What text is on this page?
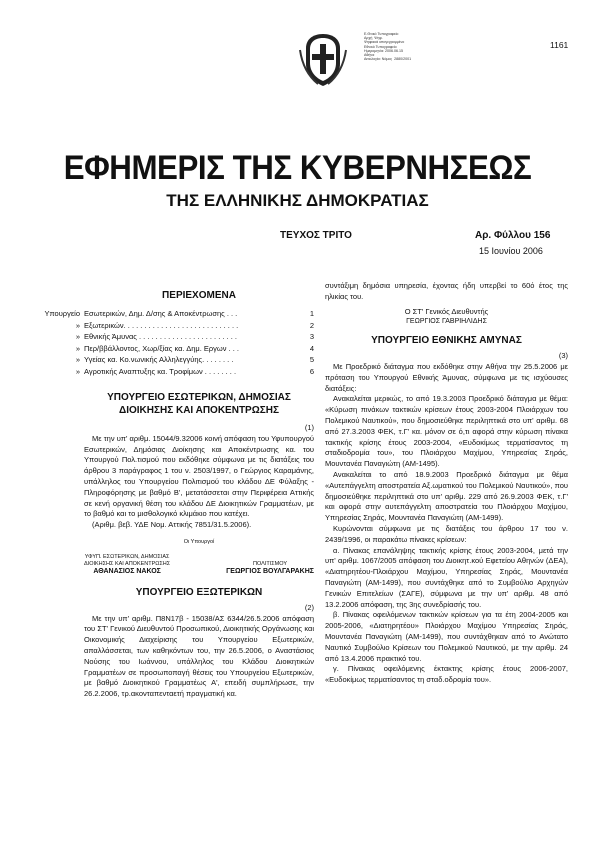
Ε.Θνικό Τυπογραφείο
Αρχή  Ψηφ.
Ψηφιακά υπογεγραμμένο
Εθνικό Τυπογραφείο
Ημερομηνία: 2006.06.15
Αθήνα
Αιτιολογία: Νόμος  2880/2001
1161
ΕΦΗΜΕΡΙΣ ΤΗΣ ΚΥΒΕΡΝΗΣΕΩΣ
ΤΗΣ ΕΛΛΗΝΙΚΗΣ ΔΗΜΟΚΡΑΤΙΑΣ
ΤΕΥΧΟΣ ΤΡΙΤΟ	Αρ. Φύλλου 156
15 Ιουνίου 2006
ΠΕΡΙΕΧΟΜΕΝΑ
Υπουργείο Εσωτερικών, Δημ. Δ/σης & Αποκέντρωσης . . .	1
» Εξωτερικών. . . . . . . . . . . . . . . . . . . . . . . . . . . .	2
» Εθνικής Άμυνας . . . . . . . . . . . . . . . . . . . . . . . .	3
» Περ/ββάλλοντος, Χωρ/ξίας κα. Δημ. Εργων . . .	4
» Υγείας κα. Κο.νωνικής Αλληλεγγύης. . . . . . . .	5
» Αγροτικής Αναπτυξης κα. Τροφίμων . . . . . . . .	6
ΥΠΟΥΡΓΕΙΟ ΕΣΩΤΕΡΙΚΩΝ, ΔΗΜΟΣΙΑΣ ΔΙΟΙΚΗΣΗΣ ΚΑΙ ΑΠΟΚΕΝΤΡΩΣΗΣ
(1)
Με την υπ' αριθμ. 15044/9.32006 κοινή απόφαση του Υφυπουργού Εσωτερικών, Δημόσιας Διοίκησης και Αποκέντρωσης κα. του Υπουργού Πολ.τισμού που εκδόθηκε σύμφωνα με τις διατάξεις του άρθρου 3 παράγραφος 1 του ν. 2503/1997, ο Γεώργιος Καραμάνης, υπάλληλος του Υπουργείου Πολιτισμού του κλάδου ΔΕ Φύλαξης - Πληροφόρησης με βαθμό Β', μετατάσσεται στην Περιφέρεια Αττικής σε κενή οργανική θέση του κλάδου ΔΕ Διοικητικών Γραμματέων, με το βαθμό και το μισθολογικό κλιμάκιο που κατέχει.
(Αριθμ. βεβ. ΥΔΕ Νομ. Αττικής 7851/31.5.2006).
Οι Υπουργοί
ΥΦΥΠ. ΕΣΩΤΕΡΙΚΩΝ, ΔΗΜΟΣΙΑΣ
ΔΙΟΙΚΗΣΗΣ ΚΑΙ ΑΠΟΚΕΝΤΡΩΣΗΣ
ΑΘΑΝΑΣΙΟΣ ΝΑΚΟΣ

ΠΟΛΙΤΙΣΜΟΥ
ΓΕΩΡΓΙΟΣ ΒΟΥΛΓΑΡΑΚΗΣ
ΥΠΟΥΡΓΕΙΟ ΕΞΩΤΕΡΙΚΩΝ
(2)
Με την υπ' αριθμ. Π8Ν17β - 15038/ΑΣ 6344/26.5.2006 απόφαση του ΣΤ' Γενικού Διευθυντού Προσωπικού, Διοικητικής Οργάνωσης και Οικονομικής Διαχείρισης του Υπουργείου Εξωτερικών, απαλλάσσεται, των καθηκόντων του, την 26.5.2006, ο Αναστάσιος Νούσης του Ιωάννου, υπάλληλος του Κλάδου Διοικητικών Γραμματέων σε προσωποπαγή θέσεις του Υπουργείου Εξωτερικών, με βαθμό Διοικητικού Γραμματέως Α', επειδή συμπλήρωσε, την 26.2.2006, τρ.ακονταπενταετή πραγματική κα.
συντάξιμη δημόσια υπηρεσία, έχοντας ήδη υπερβεί το 60ό έτος της ηλικίας του.
Ο ΣΤ' Γενικός Διευθυντής
ΓΕΩΡΓΙΟΣ ΓΑΒΡΙΗΛΙΔΗΣ
ΥΠΟΥΡΓΕΙΟ ΕΘΝΙΚΗΣ ΑΜΥΝΑΣ
(3)
Με Προεδρικό διάταγμα που εκδόθηκε στην Αθήνα την 25.5.2006 με πρόταση του Υπουργού Εθνικής Άμυνας, σύμφωνα με τις ισχύουσες διατάξεις:
Ανακαλείται μερικώς, το από 19.3.2003 Προεδρικό διάταγμα με θέμα: «Κύρωση πινάκων τακτικών κρίσεων έτους 2003-2004 Πλοιάρχων του Πολεμικού Ναυτικού», που δημοσιεύθηκε περιληπτικά στο υπ' αριθμ. 68 από 27.3.2003 ΦΕΚ, τ.Γ' κα. μόνον σε ό,τι αφορά στην κύρωση πίνακα τακτικής κρίσης έτους 2003-2004, «Ευδοκίμως τερματίσαντος τη σταδιοδρομία του», του Πλοιάρχου Μαχίμου, Υπηρεσίας Σηράς, Μουντανέα Παναγιώτη (ΑΜ-1495).
Ανακαλείται το από 18.9.2003 Προεδρικό διάταγμα με θέμα «Αυτεπάγγελτη αποστρατεία Αξ.ωματικού του Πολεμικού Ναυτικού», που δημοσιεύθηκε περιληπτικά στο υπ' αριθμ. 229 από 26.9.2003 ΦΕΚ, τ.Γ' και αφορά στην αυτεπάγγελτη αποστρατεία του Πλοιάρχου Μαχίμου, Υπηρεσίας Σηράς, Μουντανέα Παναγιώτη (ΑΜ-1499).
Κυρώνονται σύμφωνα με τις διατάξεις του άρθρου 17 του ν. 2439/1996, οι παρακάτω πίνακες κρίσεων:
α. Πίνακας επανάληψης τακτικής κρίσης έτους 2003-2004, μετά την υπ' αριθμ. 1067/2005 απόφαση του Διοικητ.κού Εφετείου Αθηνών (ΔΕΑ), «Διατηρητέου-Πλοιάρχου Μαχίμου, Υπηρεσίας Σηράς, Μουντανέα Παναγιώτη (ΑΜ-1499), που συντάχθηκε από το Συμβούλιο Αρχηγών Γενικών Επιτελείων (ΣΑΓΕ), σύμφωνα με την υπ' αριθμ. 48 από 13.2.2006 απόφαση, της 3ης συνεδρίασής του.
β. Πίνακας οφειλόμενων τακτικών κρίσεων για τα έτη 2004-2005 και 2005-2006, «Διατηρητέου» Πλοιάρχου Μαχίμου Υπηρεσίας Σηράς, Μουντανέα Παναγιώτη (ΑΜ-1499), που συντάχθηκαν από το Ανώτατο Ναυτικό Συμβούλιο Κρίσεων του Πολεμικού Ναυτικού, με την αριθμ. 24 από 13.4.2006 πρακτικό του.
γ. Πίνακας οφειλόμενης έκτακτης κρίσης έτους 2006-2007, «Ευδοκίμως τερματίσαντος τη σταδ.οδρομία του».
